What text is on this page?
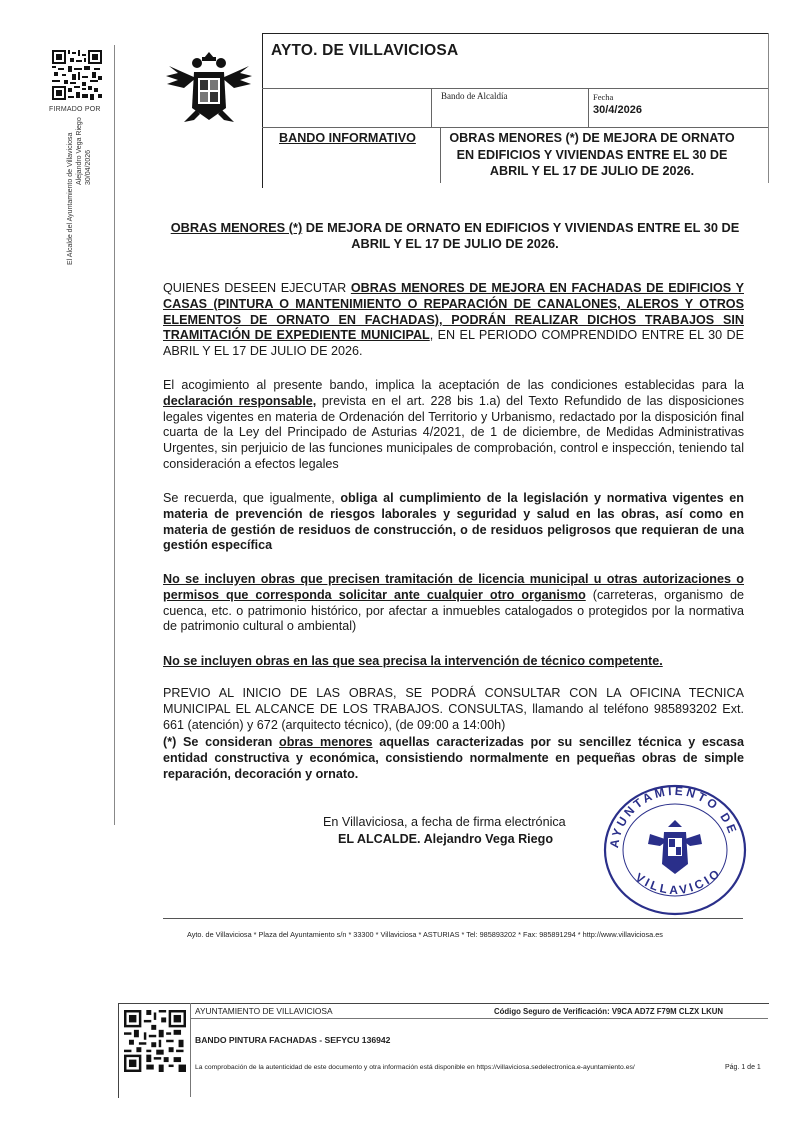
FIRMADO POR
El Alcalde del Ayuntamiento de Villaviciosa Alejandro Vega Riego 30/04/2026
AYTO. DE VILLAVICIOSA
Bando de Alcaldía	Fecha
30/4/2026
BANDO INFORMATIVO	OBRAS MENORES (*) DE MEJORA DE ORNATO EN EDIFICIOS Y VIVIENDAS ENTRE EL 30 DE ABRIL Y EL 17 DE JULIO DE 2026.
OBRAS MENORES (*) DE MEJORA DE ORNATO EN EDIFICIOS Y VIVIENDAS ENTRE EL 30 DE ABRIL Y EL 17 DE JULIO DE 2026.

QUIENES DESEEN EJECUTAR OBRAS MENORES DE MEJORA EN FACHADAS DE EDIFICIOS Y CASAS (PINTURA O MANTENIMIENTO O REPARACIÓN DE CANALONES, ALEROS Y OTROS ELEMENTOS DE ORNATO EN FACHADAS), PODRÁN REALIZAR DICHOS TRABAJOS SIN TRAMITACIÓN DE EXPEDIENTE MUNICIPAL, EN EL PERIODO COMPRENDIDO ENTRE EL 30 DE ABRIL Y EL 17 DE JULIO DE 2026.

El acogimiento al presente bando, implica la aceptación de las condiciones establecidas para la declaración responsable, prevista en el art. 228 bis 1.a) del Texto Refundido de las disposiciones legales vigentes en materia de Ordenación del Territorio y Urbanismo, redactado por la disposición final cuarta de la Ley del Principado de Asturias 4/2021, de 1 de diciembre, de Medidas Administrativas Urgentes, sin perjuicio de las funciones municipales de comprobación, control e inspección, teniendo tal consideración a efectos legales

Se recuerda, que igualmente, obliga al cumplimiento de la legislación y normativa vigentes en materia de prevención de riesgos laborales y seguridad y salud en las obras, así como en materia de gestión de residuos de construcción, o de residuos peligrosos que requieran de una gestión específica

No se incluyen obras que precisen tramitación de licencia municipal u otras autorizaciones o permisos que corresponda solicitar ante cualquier otro organismo (carreteras, organismo de cuenca, etc. o patrimonio histórico, por afectar a inmuebles catalogados o protegidos por la normativa de patrimonio cultural o ambiental)

No se incluyen obras en las que sea precisa la intervención de técnico competente.

PREVIO AL INICIO DE LAS OBRAS, SE PODRÁ CONSULTAR CON LA OFICINA TECNICA MUNICIPAL EL ALCANCE DE LOS TRABAJOS. CONSULTAS, llamando al teléfono 985893202 Ext. 661 (atención) y 672 (arquitecto técnico), (de 09:00 a 14:00h)

(*) Se consideran obras menores aquellas caracterizadas por su sencillez técnica y escasa entidad constructiva y económica, consistiendo normalmente en pequeñas obras de simple reparación, decoración y ornato.

En Villaviciosa, a fecha de firma electrónica
EL ALCALDE. Alejandro Vega Riego	AYUNTAMIENTO DE
VILLAVICIO
Ayto. de Villaviciosa * Plaza del Ayuntamiento s/n * 33300 * Villaviciosa * ASTURIAS * Tel: 985893202 * Fax: 985891294 * http://www.villaviciosa.es
AYUNTAMIENTO DE VILLAVICIOSA	Código Seguro de Verificación: V9CA AD7Z F79M CLZX LKUN
BANDO PINTURA FACHADAS - SEFYCU 136942
La comprobación de la autenticidad de este documento y otra información está disponible en https://villaviciosa.sedelectronica.e-ayuntamiento.es/	Pág. 1 de 1
